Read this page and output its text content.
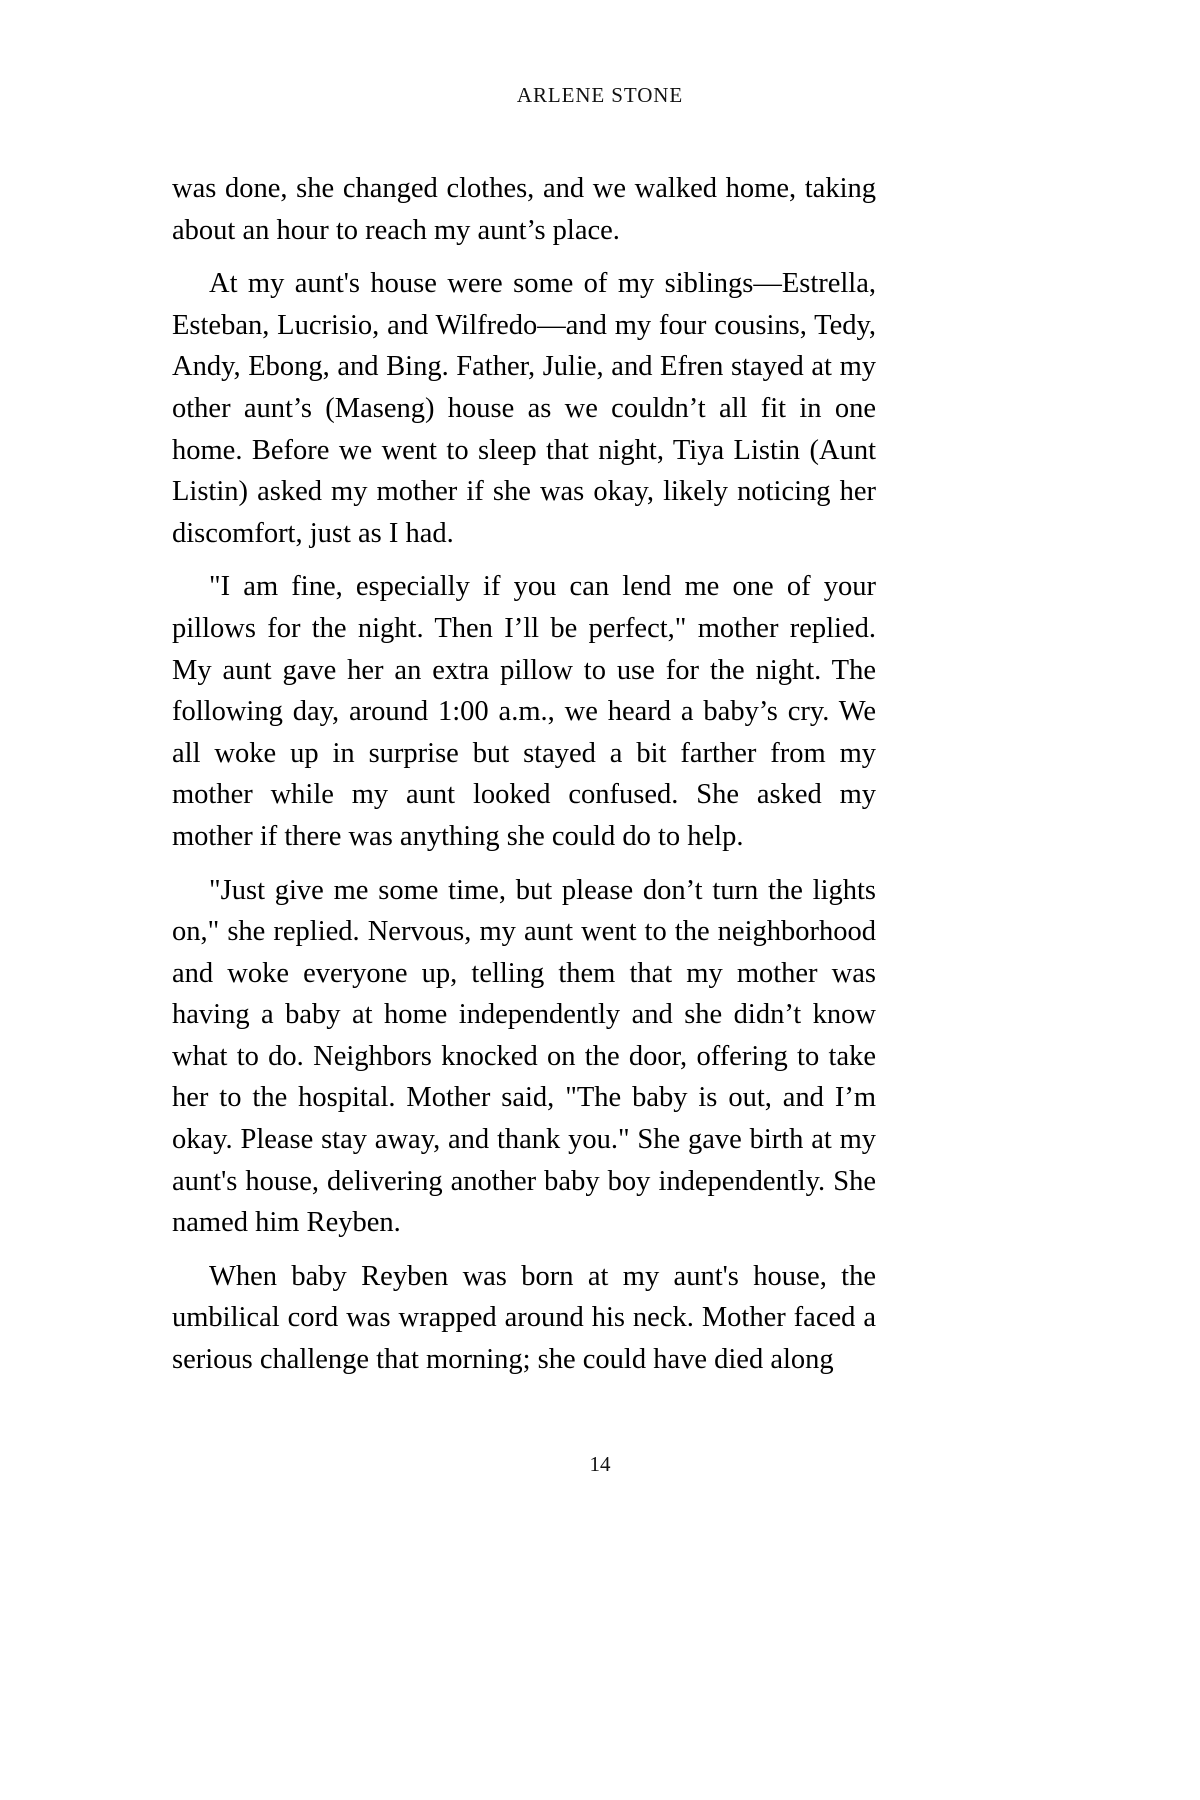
ARLENE STONE

was done, she changed clothes, and we walked home, taking about an hour to reach my aunt’s place.

At my aunt's house were some of my siblings—Estrella, Esteban, Lucrisio, and Wilfredo—and my four cousins, Tedy, Andy, Ebong, and Bing. Father, Julie, and Efren stayed at my other aunt’s (Maseng) house as we couldn’t all fit in one home. Before we went to sleep that night, Tiya Listin (Aunt Listin) asked my mother if she was okay, likely noticing her discomfort, just as I had.

"I am fine, especially if you can lend me one of your pillows for the night. Then I’ll be perfect," mother replied. My aunt gave her an extra pillow to use for the night. The following day, around 1:00 a.m., we heard a baby’s cry. We all woke up in surprise but stayed a bit farther from my mother while my aunt looked confused. She asked my mother if there was anything she could do to help.

"Just give me some time, but please don’t turn the lights on," she replied. Nervous, my aunt went to the neighborhood and woke everyone up, telling them that my mother was having a baby at home independently and she didn’t know what to do. Neighbors knocked on the door, offering to take her to the hospital. Mother said, "The baby is out, and I’m okay. Please stay away, and thank you." She gave birth at my aunt's house, delivering another baby boy independently. She named him Reyben.

When baby Reyben was born at my aunt's house, the umbilical cord was wrapped around his neck. Mother faced a serious challenge that morning; she could have died along

14
